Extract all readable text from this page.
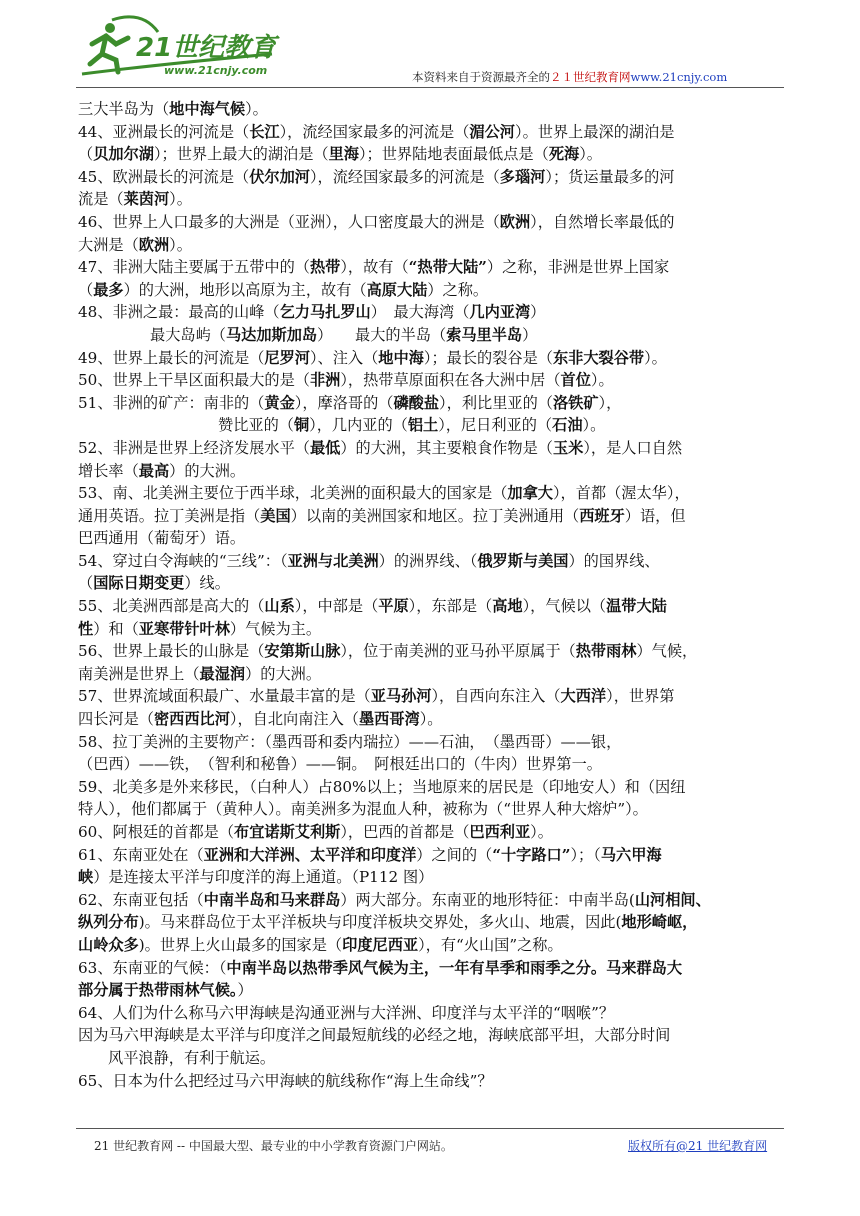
21世纪教育
www.21cnjy.com	本资料来自于资源最齐全的２１世纪教育网www.21cnjy.com
三大半岛为（地中海气候）。
44、亚洲最长的河流是（长江），流经国家最多的河流是（湄公河）。世界上最深的湖泊是
（贝加尔湖）；世界上最大的湖泊是（里海）；世界陆地表面最低点是（死海）。
45、欧洲最长的河流是（伏尔加河），流经国家最多的河流是（多瑙河）；货运量最多的河
流是（莱茵河）。
46、世界上人口最多的大洲是（亚洲），人口密度最大的洲是（欧洲），自然增长率最低的
大洲是（欧洲）。
47、非洲大陆主要属于五带中的（热带），故有（“热带大陆”）之称，非洲是世界上国家
（最多）的大洲，地形以高原为主，故有（高原大陆）之称。
48、非洲之最：最高的山峰（乞力马扎罗山）　最大海湾（几内亚湾）
最大岛屿（马达加斯加岛）　　最大的半岛（索马里半岛）
49、世界上最长的河流是（尼罗河）、注入（地中海）；最长的裂谷是（东非大裂谷带）。
50、世界上干旱区面积最大的是（非洲），热带草原面积在各大洲中居（首位）。
51、非洲的矿产：南非的（黄金），摩洛哥的（磷酸盐），利比里亚的（洛铁矿），
赞比亚的（铜），几内亚的（铝土），尼日利亚的（石油）。
52、非洲是世界上经济发展水平（最低）的大洲，其主要粮食作物是（玉米），是人口自然
增长率（最高）的大洲。
53、南、北美洲主要位于西半球，北美洲的面积最大的国家是（加拿大），首都（渥太华），
通用英语。拉丁美洲是指（美国）以南的美洲国家和地区。拉丁美洲通用（西班牙）语，但
巴西通用（葡萄牙）语。
54、穿过白令海峡的“三线”：（亚洲与北美洲）的洲界线、（俄罗斯与美国）的国界线、
（国际日期变更）线。
55、北美洲西部是高大的（山系），中部是（平原），东部是（高地），气候以（温带大陆
性）和（亚寒带针叶林）气候为主。
56、世界上最长的山脉是（安第斯山脉），位于南美洲的亚马孙平原属于（热带雨林）气候，
南美洲是世界上（最湿润）的大洲。
57、世界流域面积最广、水量最丰富的是（亚马孙河），自西向东注入（大西洋），世界第
四长河是（密西西比河），自北向南注入（墨西哥湾）。
58、拉丁美洲的主要物产：（墨西哥和委内瑞拉）——石油，　（墨西哥）——银，
（巴西）——铁，　（智利和秘鲁）——铜。　阿根廷出口的（牛肉）世界第一。
59、北美多是外来移民，（白种人）占80%以上；当地原来的居民是（印地安人）和（因纽
特人），他们都属于（黄种人）。南美洲多为混血人种，被称为（“世界人种大熔炉”）。
60、阿根廷的首都是（布宜诺斯艾利斯），巴西的首都是（巴西利亚）。
61、东南亚处在（亚洲和大洋洲、太平洋和印度洋）之间的（“十字路口”）；（马六甲海
峡）是连接太平洋与印度洋的海上通道。（P112 图）
62、东南亚包括（中南半岛和马来群岛）两大部分。东南亚的地形特征：中南半岛(山河相间、
纵列分布)。马来群岛位于太平洋板块与印度洋板块交界处，多火山、地震，因此(地形崎岖，
山岭众多)。世界上火山最多的国家是（印度尼西亚），有“火山国”之称。
63、东南亚的气候：（中南半岛以热带季风气候为主，一年有旱季和雨季之分。马来群岛大
部分属于热带雨林气候。）
64、人们为什么称马六甲海峡是沟通亚洲与大洋洲、印度洋与太平洋的“咽喉”？
因为马六甲海峡是太平洋与印度洋之间最短航线的必经之地，海峡底部平坦，大部分时间
风平浪静，有利于航运。
65、日本为什么把经过马六甲海峡的航线称作“海上生命线”？
21 世纪教育网 -- 中国最大型、最专业的中小学教育资源门户网站。	版权所有@21 世纪教育网
